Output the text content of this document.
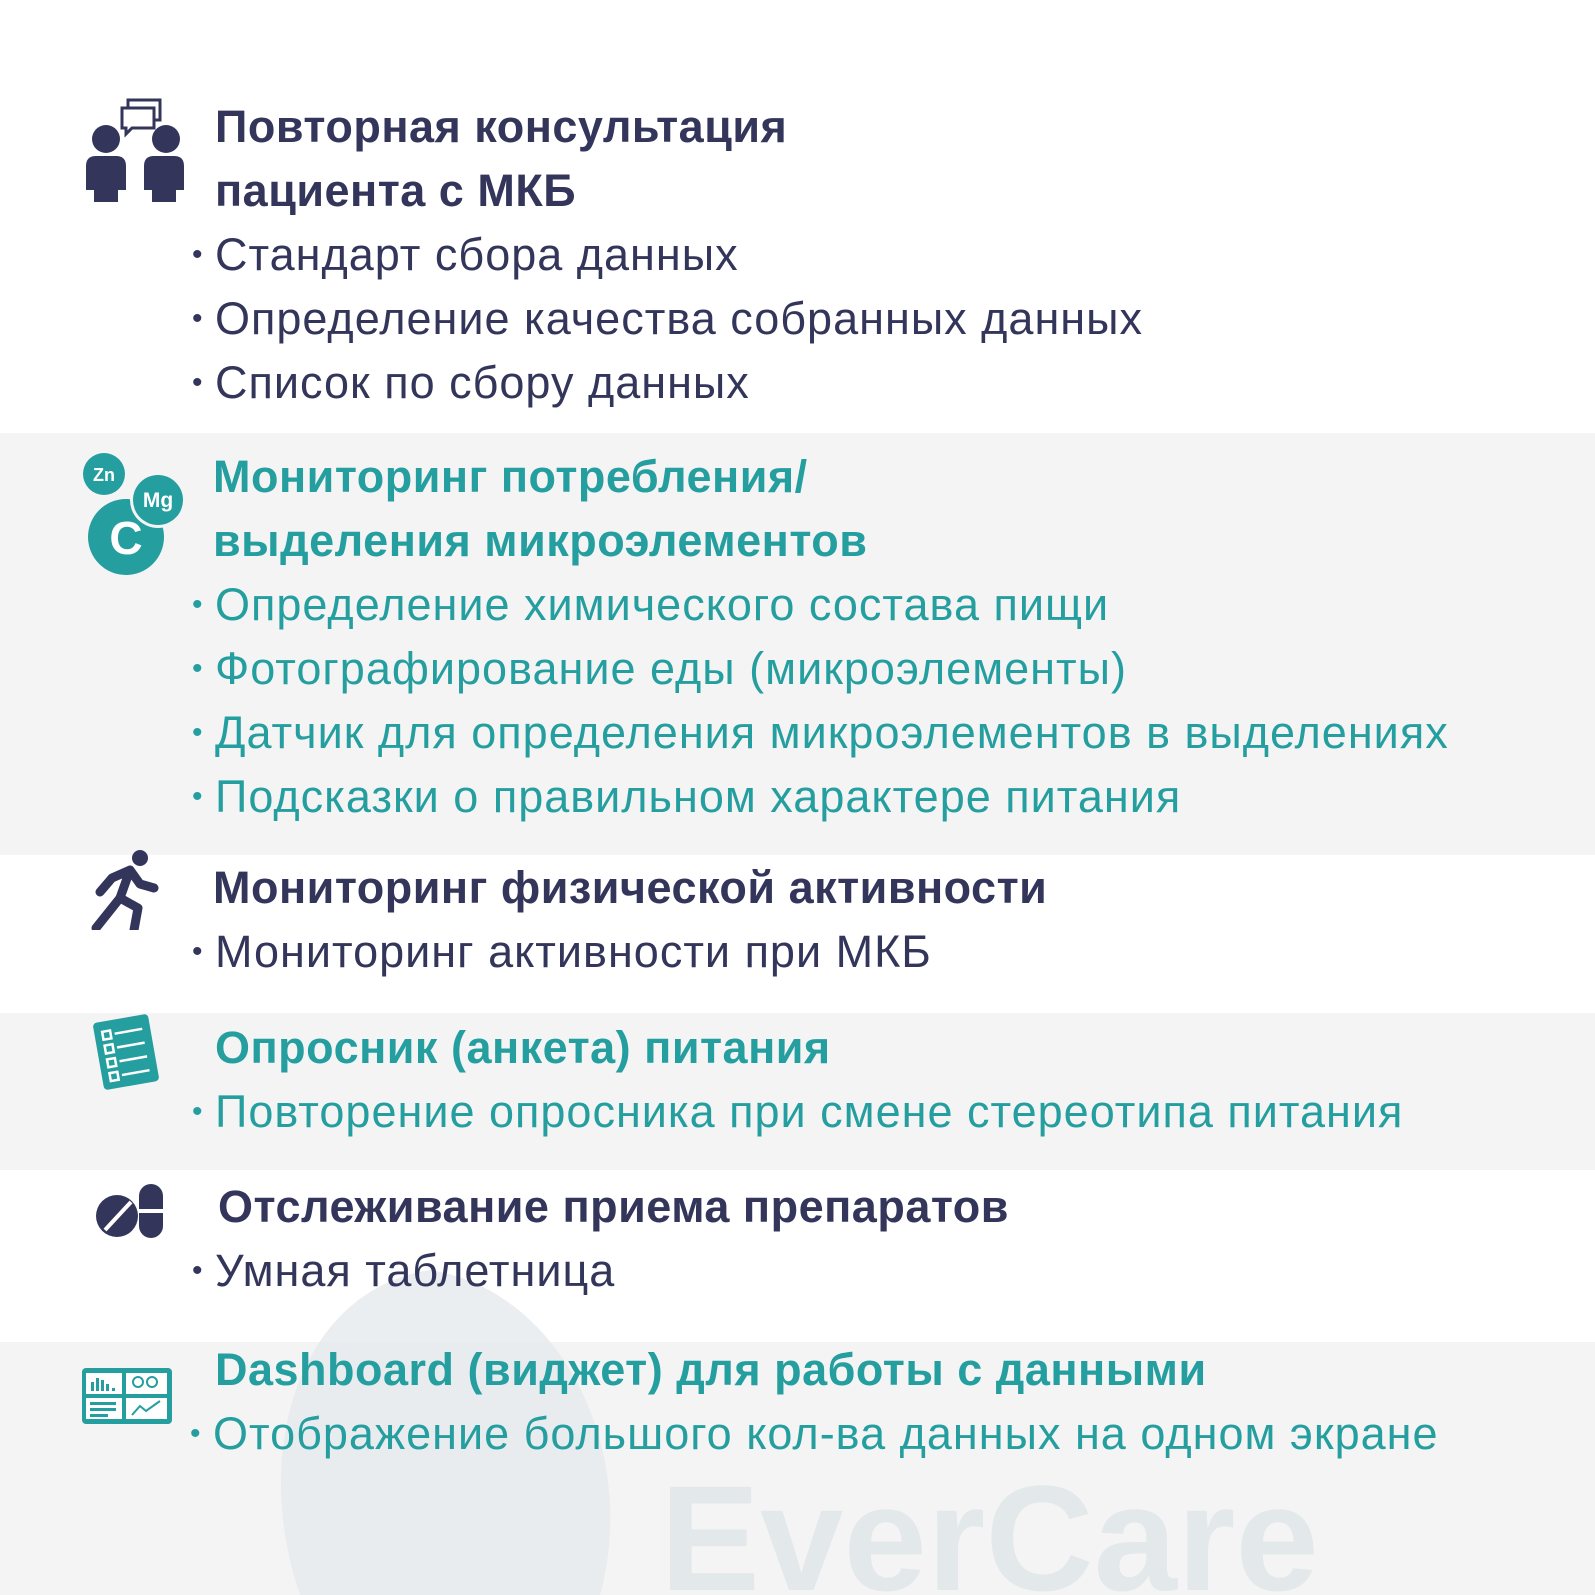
EverCare
Повторная консультация
пациента с МКБ
• Стандарт сбора данных
• Определение качества собранных данных
• Список по сбору данных
Zn
Mg
C
Мониторинг потребления/
выделения микроэлементов
• Определение химического состава пищи
• Фотографирование еды (микроэлементы)
• Датчик для определения микроэлементов в выделениях
• Подсказки о правильном характере питания
Мониторинг физической активности
• Мониторинг активности при МКБ
Опросник (анкета) питания
• Повторение опросника при смене стереотипа питания
Отслеживание приема препаратов
• Умная таблетница
Dashboard (виджет) для работы с данными
• Отображение большого кол-ва данных на одном экране
